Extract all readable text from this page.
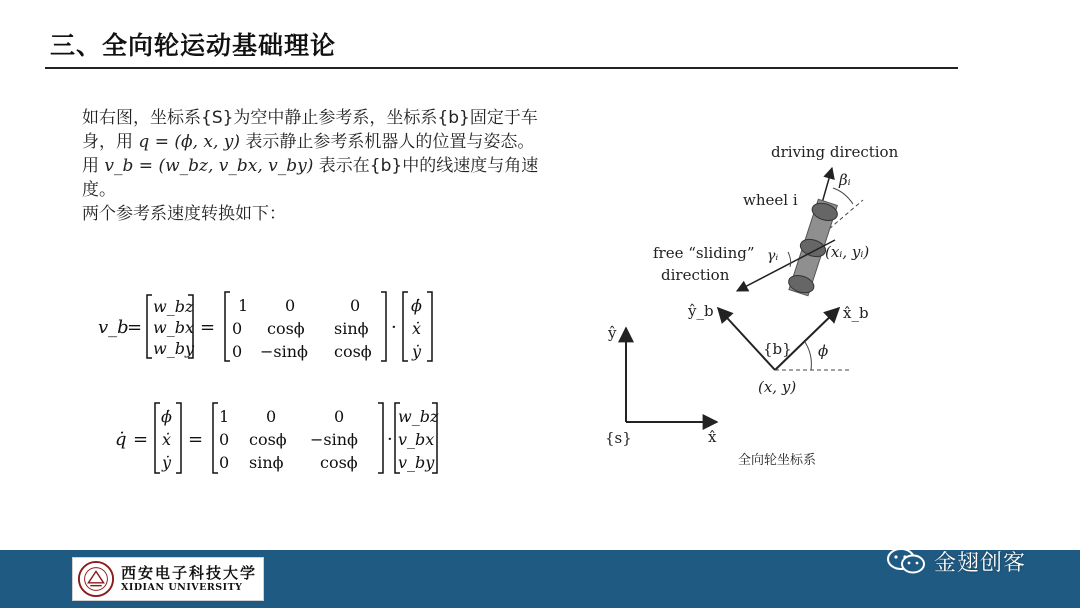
三、全向轮运动基础理论

如右图，坐标系{S}为空中静止参考系，坐标系{b}固定于车身，用 q = (ϕ, x, y) 表示静止参考系机器人的位置与姿态。

用 v_b = (w_bz, v_bx, v_by) 表示在{b}中的线速度与角速度。

两个参考系速度转换如下：

v_b
=
w_bz
w_bx
w_by
=
1 0	0
0 cosϕ sinϕ
0 −sinϕ cosϕ
·
ϕ̇
ẋ
ẏ
q̇ =
ϕ̇
ẋ
ẏ
=
1 0	0
0 cosϕ −sinϕ
0 sinϕ cosϕ
·
w_bz
v_bx
v_by
driving direction
βᵢ
wheel i
free “sliding”
direction
γᵢ	(xᵢ, yᵢ)
ŷ_b	x̂_b
{b} ϕ
(x, y)
ŷ
x̂
{s}
全向轮坐标系
西安电子科技大学
XIDIAN UNIVERSITY
金翅创客
